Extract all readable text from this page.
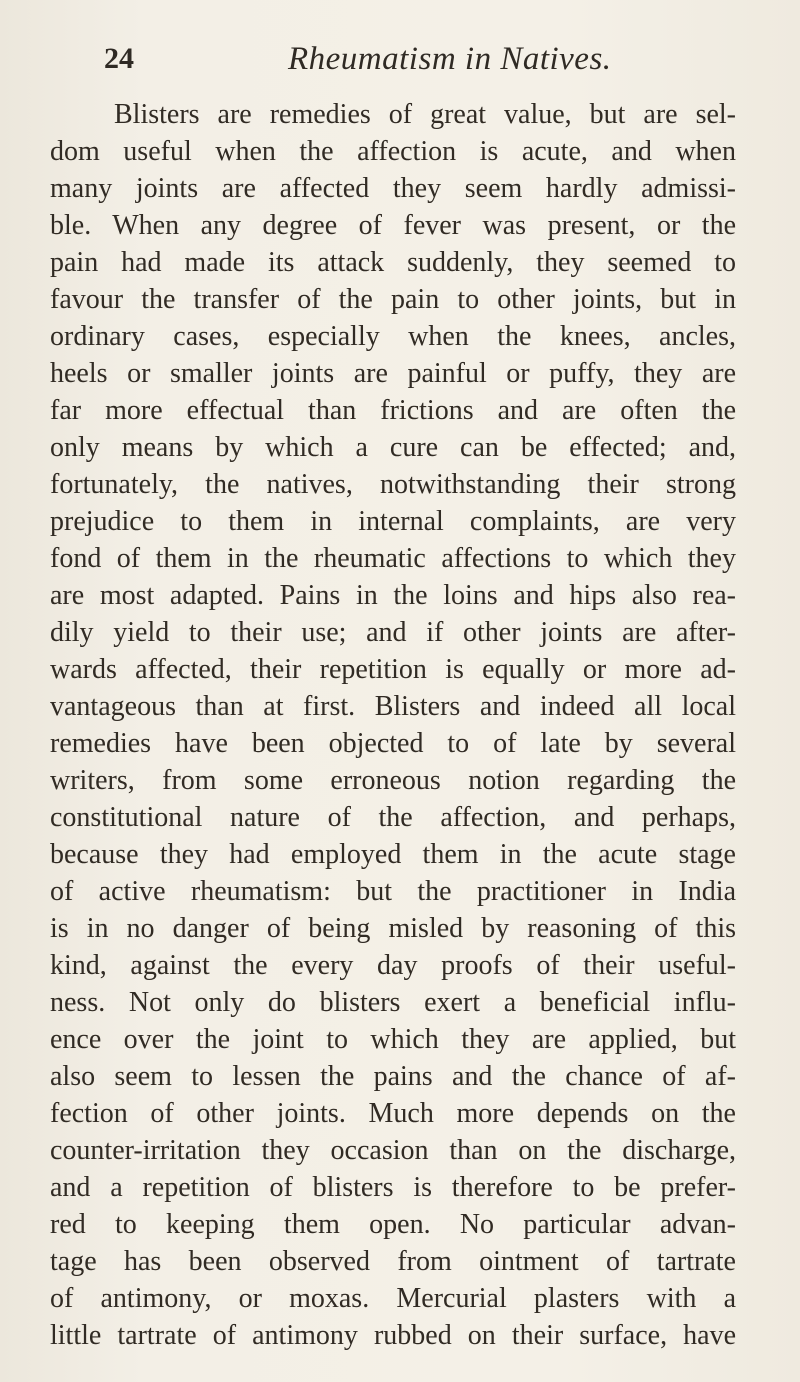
24	Rheumatism in Natives.
Blisters are remedies of great value, but are sel-
dom useful when the affection is acute, and when
many joints are affected they seem hardly admissi-
ble. When any degree of fever was present, or the
pain had made its attack suddenly, they seemed to
favour the transfer of the pain to other joints, but in
ordinary cases, especially when the knees, ancles,
heels or smaller joints are painful or puffy, they are
far more effectual than frictions and are often the
only means by which a cure can be effected; and,
fortunately, the natives, notwithstanding their strong
prejudice to them in internal complaints, are very
fond of them in the rheumatic affections to which they
are most adapted. Pains in the loins and hips also rea-
dily yield to their use; and if other joints are after-
wards affected, their repetition is equally or more ad-
vantageous than at first. Blisters and indeed all local
remedies have been objected to of late by several
writers, from some erroneous notion regarding the
constitutional nature of the affection, and perhaps,
because they had employed them in the acute stage
of active rheumatism: but the practitioner in India
is in no danger of being misled by reasoning of this
kind, against the every day proofs of their useful-
ness. Not only do blisters exert a beneficial influ-
ence over the joint to which they are applied, but
also seem to lessen the pains and the chance of af-
fection of other joints. Much more depends on the
counter-irritation they occasion than on the discharge,
and a repetition of blisters is therefore to be prefer-
red to keeping them open. No particular advan-
tage has been observed from ointment of tartrate
of antimony, or moxas. Mercurial plasters with a
little tartrate of antimony rubbed on their surface, have
